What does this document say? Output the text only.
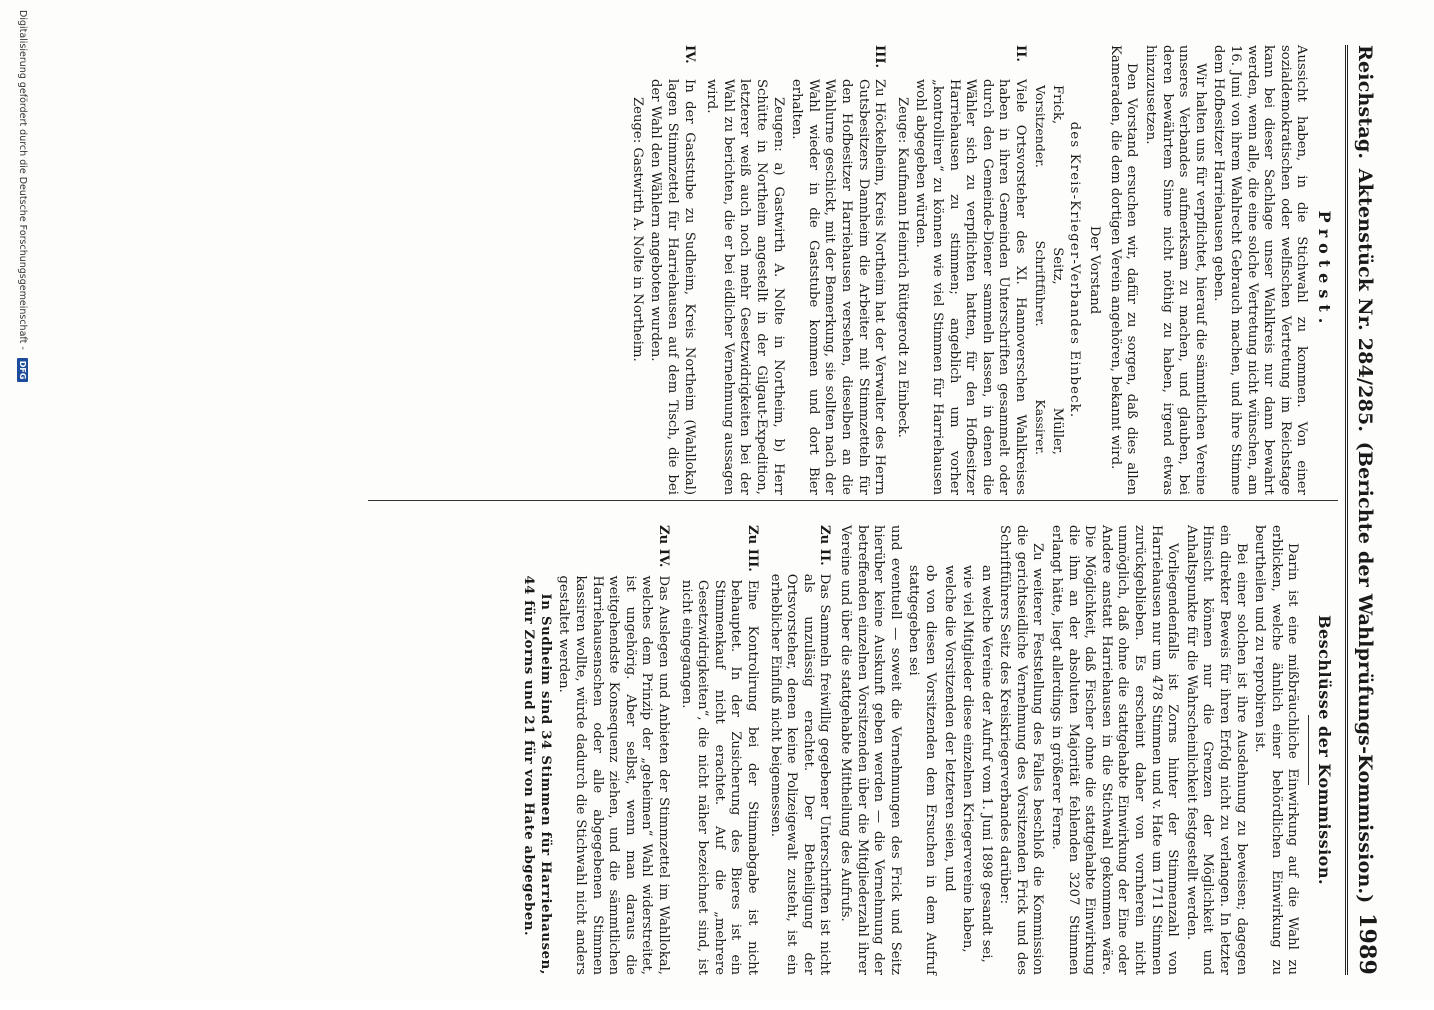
Reichstag.
Aktenstück Nr. 284/285.
(Berichte der Wahlprüfungs-Kommission.)
1989
Protest.

Aussicht haben, in die Stichwahl zu kommen. Von einer sozialdemokratischen oder welfischen Vertretung im Reichstage kann bei dieser Sachlage unser Wahlkreis nur dann bewahrt werden, wenn alle, die eine solche Vertretung nicht wünschen, am 16. Juni von ihrem Wahlrecht Gebrauch machen, und ihre Stimme dem Hofbesitzer Harriehausen geben.

Wir halten uns für verpflichtet, hierauf die sämmtlichen Vereine unseres Verbandes aufmerksam zu machen, und glauben, bei deren bewährtem Sinne nicht nöthig zu haben, irgend etwas hinzuzusetzen.

Den Vorstand ersuchen wir, dafür zu sorgen, daß dies allen Kameraden, die dem dortigen Verein angehören, bekannt wird.

Der Vorstand
des Kreis-Krieger-Verbandes Einbeck.
Frick,
Seitz,
Müller,
Vorsitzender.
Schriftführer.
Kassirer.
II.

Viele Ortsvorsteher des XI. Hannoverschen Wahlkreises haben in ihren Gemeinden Unterschriften gesammelt oder durch den Gemeinde-Diener sammeln lassen, in denen die Wähler sich zu verpflichten hatten, für den Hofbesitzer Harriehausen zu stimmen; angeblich um vorher „kontrolliren“ zu können wie viel Stimmen für Harriehausen wohl abgegeben würden.

Zeuge: Kaufmann Heinrich Rüttgerodt zu Einbeck.

III.

Zu Höckelheim, Kreis Northeim hat der Verwalter des Herrn Gutsbesitzers Dannheim die Arbeiter mit Stimmzetteln für den Hofbesitzer Harriehausen versehen, dieselben an die Wahlurne geschickt, mit der Bemerkung, sie sollten nach der Wahl wieder in die Gaststube kommen und dort Bier erhalten.

Zeugen: a) Gastwirth A. Nolte in Northeim, b) Herr Schütte in Northeim angestellt in der Gilgaut-Expedition, letzterer weiß auch noch mehr Gesetzwidrigkeiten bei der Wahl zu berichten, die er bei eidlicher Vernehmung aussagen wird.

IV.

In der Gaststube zu Sudheim, Kreis Northeim (Wahllokal) lagen Stimmzettel für Harriehausen auf dem Tisch, die bei der Wahl den Wählern angeboten wurden.

Zeuge: Gastwirth A. Nolte in Northeim.

Beschlüsse der Kommission.

Darin ist eine mißbräuchliche Einwirkung auf die Wahl zu erblicken, welche ähnlich einer behördlichen Einwirkung zu beurtheilen und zu reprobiren ist.

Bei einer solchen ist ihre Ausdehnung zu beweisen; dagegen ein direkter Beweis für ihren Erfolg nicht zu verlangen. In letzter Hinsicht können nur die Grenzen der Möglichkeit und Anhaltspunkte für die Wahrscheinlichkeit festgestellt werden.

Vorliegendenfalls ist Zorns hinter der Stimmenzahl von Harriehausen nur um 478 Stimmen und v. Hate um 1711 Stimmen zurückgeblieben. Es erscheint daher von vornherein nicht unmöglich, daß ohne die stattgehabte Einwirkung der Eine oder Andere anstatt Harriehausen in die Stichwahl gekommen wäre. Die Möglichkeit, daß Fischer ohne die stattgehabte Einwirkung die ihm an der absoluten Majorität fehlenden 3207 Stimmen erlangt hätte, liegt allerdings in größerer Ferne.

Zu weiterer Feststellung des Falles beschloß die Kommission die gerichtseidliche Vernehmung des Vorsitzenden Frick und des Schriftführers Seitz des Kreiskriegerverbandes darüber:

an welche Vereine der Aufruf vom 1. Juni 1898 gesandt sei,

wie viel Mitglieder diese einzelnen Kriegervereine haben,

welche die Vorsitzenden der letzteren seien, und

ob von diesen Vorsitzenden dem Ersuchen in dem Aufruf stattgegeben sei

und eventuell — soweit die Vernehmungen des Frick und Seitz hierüber keine Auskunft geben werden — die Vernehmung der betreffenden einzelnen Vorsitzenden über die Mitgliederzahl ihrer Vereine und über die stattgehabte Mittheilung des Aufrufs.

Zu II.

Das Sammeln freiwillig gegebener Unterschriften ist nicht als unzulässig erachtet. Der Betheiligung der Ortsvorsteher, denen keine Polizeigewalt zusteht, ist ein erheblicher Einfluß nicht beigemessen.

Zu III.

Eine Kontrolirung bei der Stimmabgabe ist nicht behauptet. In der Zusicherung des Bieres ist ein Stimmenkauf nicht erachtet. Auf die „mehrere Gesetzwidrigkeiten“, die nicht näher bezeichnet sind, ist nicht eingegangen.

Zu IV.

Das Auslegen und Anbieten der Stimmzettel im Wahllokal, welches dem Prinzip der „geheimen“ Wahl widerstreitet, ist ungehörig. Aber selbst, wenn man daraus die weitgehendste Konsequenz ziehen, und die sämmtlichen Harriehausenschen oder alle abgegebenen Stimmen kassiren wollte, würde dadurch die Stichwahl nicht anders gestaltet werden.

In Sudheim sind 34 Stimmen für Harriehausen, 44 für Zorns und 21 für von Hate abgegeben.

Digitalisierung gefördert durch die Deutsche Forschungsgemeinschaft -
DFG
